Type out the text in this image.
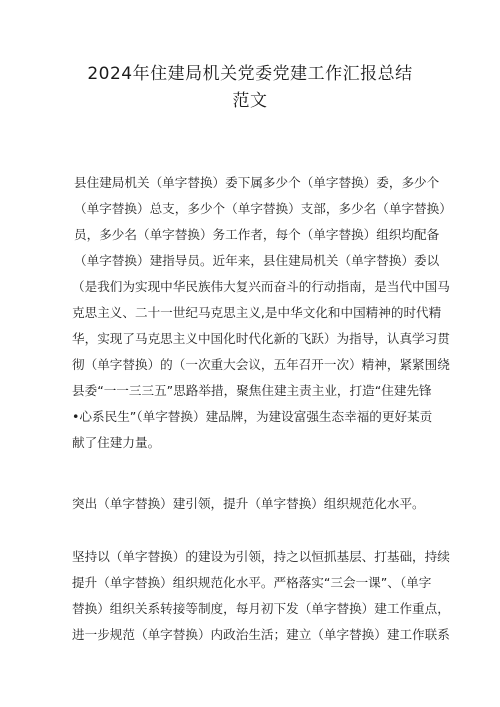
2024年住建局机关党委党建工作汇报总结
范文
县住建局机关（单字替换）委下属多少个（单字替换）委，多少个
（单字替换）总支，多少个（单字替换）支部，多少名（单字替换）
员，多少名（单字替换）务工作者，每个（单字替换）组织均配备
（单字替换）建指导员。近年来，县住建局机关（单字替换）委以
（是我们为实现中华民族伟大复兴而奋斗的行动指南，是当代中国马
克思主义、二十一世纪马克思主义,是中华文化和中国精神的时代精
华，实现了马克思主义中国化时代化新的飞跃）为指导，认真学习贯
彻（单字替换）的（一次重大会议，五年召开一次）精神，紧紧围绕
县委“一一三三五”思路举措，聚焦住建主责主业，打造“住建先锋
•心系民生”（单字替换）建品牌，为建设富强生态幸福的更好某贡
献了住建力量。
突出（单字替换）建引领，提升（单字替换）组织规范化水平。
坚持以（单字替换）的建设为引领，持之以恒抓基层、打基础，持续
提升（单字替换）组织规范化水平。严格落实“三会一课”、（单字
替换）组织关系转接等制度，每月初下发（单字替换）建工作重点，
进一步规范（单字替换）内政治生活；建立（单字替换）建工作联系
